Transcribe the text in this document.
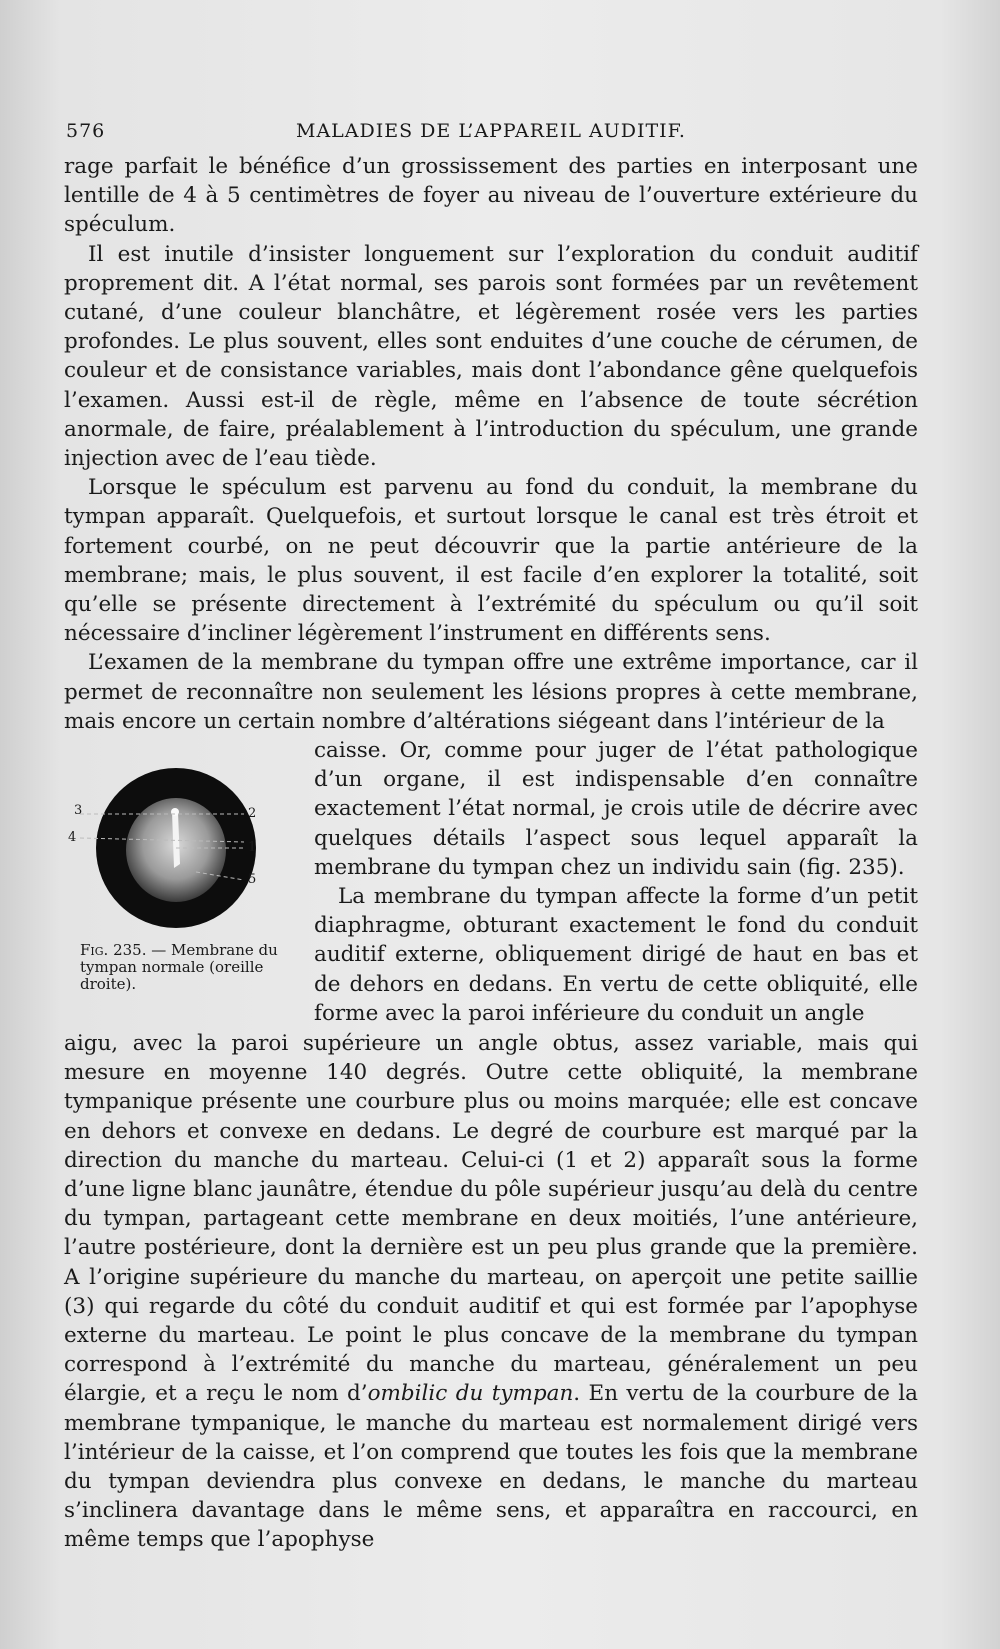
576	MALADIES DE L’APPAREIL AUDITIF.

rage parfait le bénéfice d’un grossissement des parties en interposant une lentille de 4 à 5 centimètres de foyer au niveau de l’ouverture extérieure du spéculum.

Il est inutile d’insister longuement sur l’exploration du conduit auditif proprement dit. A l’état normal, ses parois sont formées par un revêtement cutané, d’une couleur blanchâtre, et légèrement rosée vers les parties profondes. Le plus souvent, elles sont enduites d’une couche de cérumen, de couleur et de consistance variables, mais dont l’abondance gêne quelquefois l’examen. Aussi est-il de règle, même en l’absence de toute sécrétion anormale, de faire, préalablement à l’introduction du spéculum, une grande injection avec de l’eau tiède.

Lorsque le spéculum est parvenu au fond du conduit, la membrane du tympan apparaît. Quelquefois, et surtout lorsque le canal est très étroit et fortement courbé, on ne peut découvrir que la partie antérieure de la membrane; mais, le plus souvent, il est facile d’en explorer la totalité, soit qu’elle se présente directement à l’extrémité du spéculum ou qu’il soit nécessaire d’incliner légèrement l’instrument en différents sens.

L’examen de la membrane du tympan offre une extrême importance, car il permet de reconnaître non seulement les lésions propres à cette membrane, mais encore un certain nombre d’altérations siégeant dans l’intérieur de la

caisse. Or, comme pour juger de l’état pathologique d’un organe, il est indispensable d’en connaître exactement l’état normal, je crois utile de décrire avec quelques détails l’aspect sous lequel apparaît la membrane du tympan chez un individu sain (fig. 235).

La membrane du tympan affecte la forme d’un petit diaphragme, obturant exactement le fond du conduit auditif externe, obliquement dirigé de haut en bas et de dehors en dedans. En vertu de cette obliquité, elle forme avec la paroi inférieure du conduit un angle

3
4
2
1
5
Fig. 235. — Membrane du tympan normale (oreille droite).

aigu, avec la paroi supérieure un angle obtus, assez variable, mais qui mesure en moyenne 140 degrés. Outre cette obliquité, la membrane tympanique présente une courbure plus ou moins marquée; elle est concave en dehors et convexe en dedans. Le degré de courbure est marqué par la direction du manche du marteau. Celui-ci (1 et 2) apparaît sous la forme d’une ligne blanc jaunâtre, étendue du pôle supérieur jusqu’au delà du centre du tympan, partageant cette membrane en deux moitiés, l’une antérieure, l’autre postérieure, dont la dernière est un peu plus grande que la première. A l’origine supérieure du manche du marteau, on aperçoit une petite saillie (3) qui regarde du côté du conduit auditif et qui est formée par l’apophyse externe du marteau. Le point le plus concave de la membrane du tympan correspond à l’extrémité du manche du marteau, généralement un peu élargie, et a reçu le nom d’ombilic du tympan. En vertu de la courbure de la membrane tympanique, le manche du marteau est normalement dirigé vers l’intérieur de la caisse, et l’on comprend que toutes les fois que la membrane du tympan deviendra plus convexe en dedans, le manche du marteau s’inclinera davantage dans le même sens, et apparaîtra en raccourci, en même temps que l’apophyse
